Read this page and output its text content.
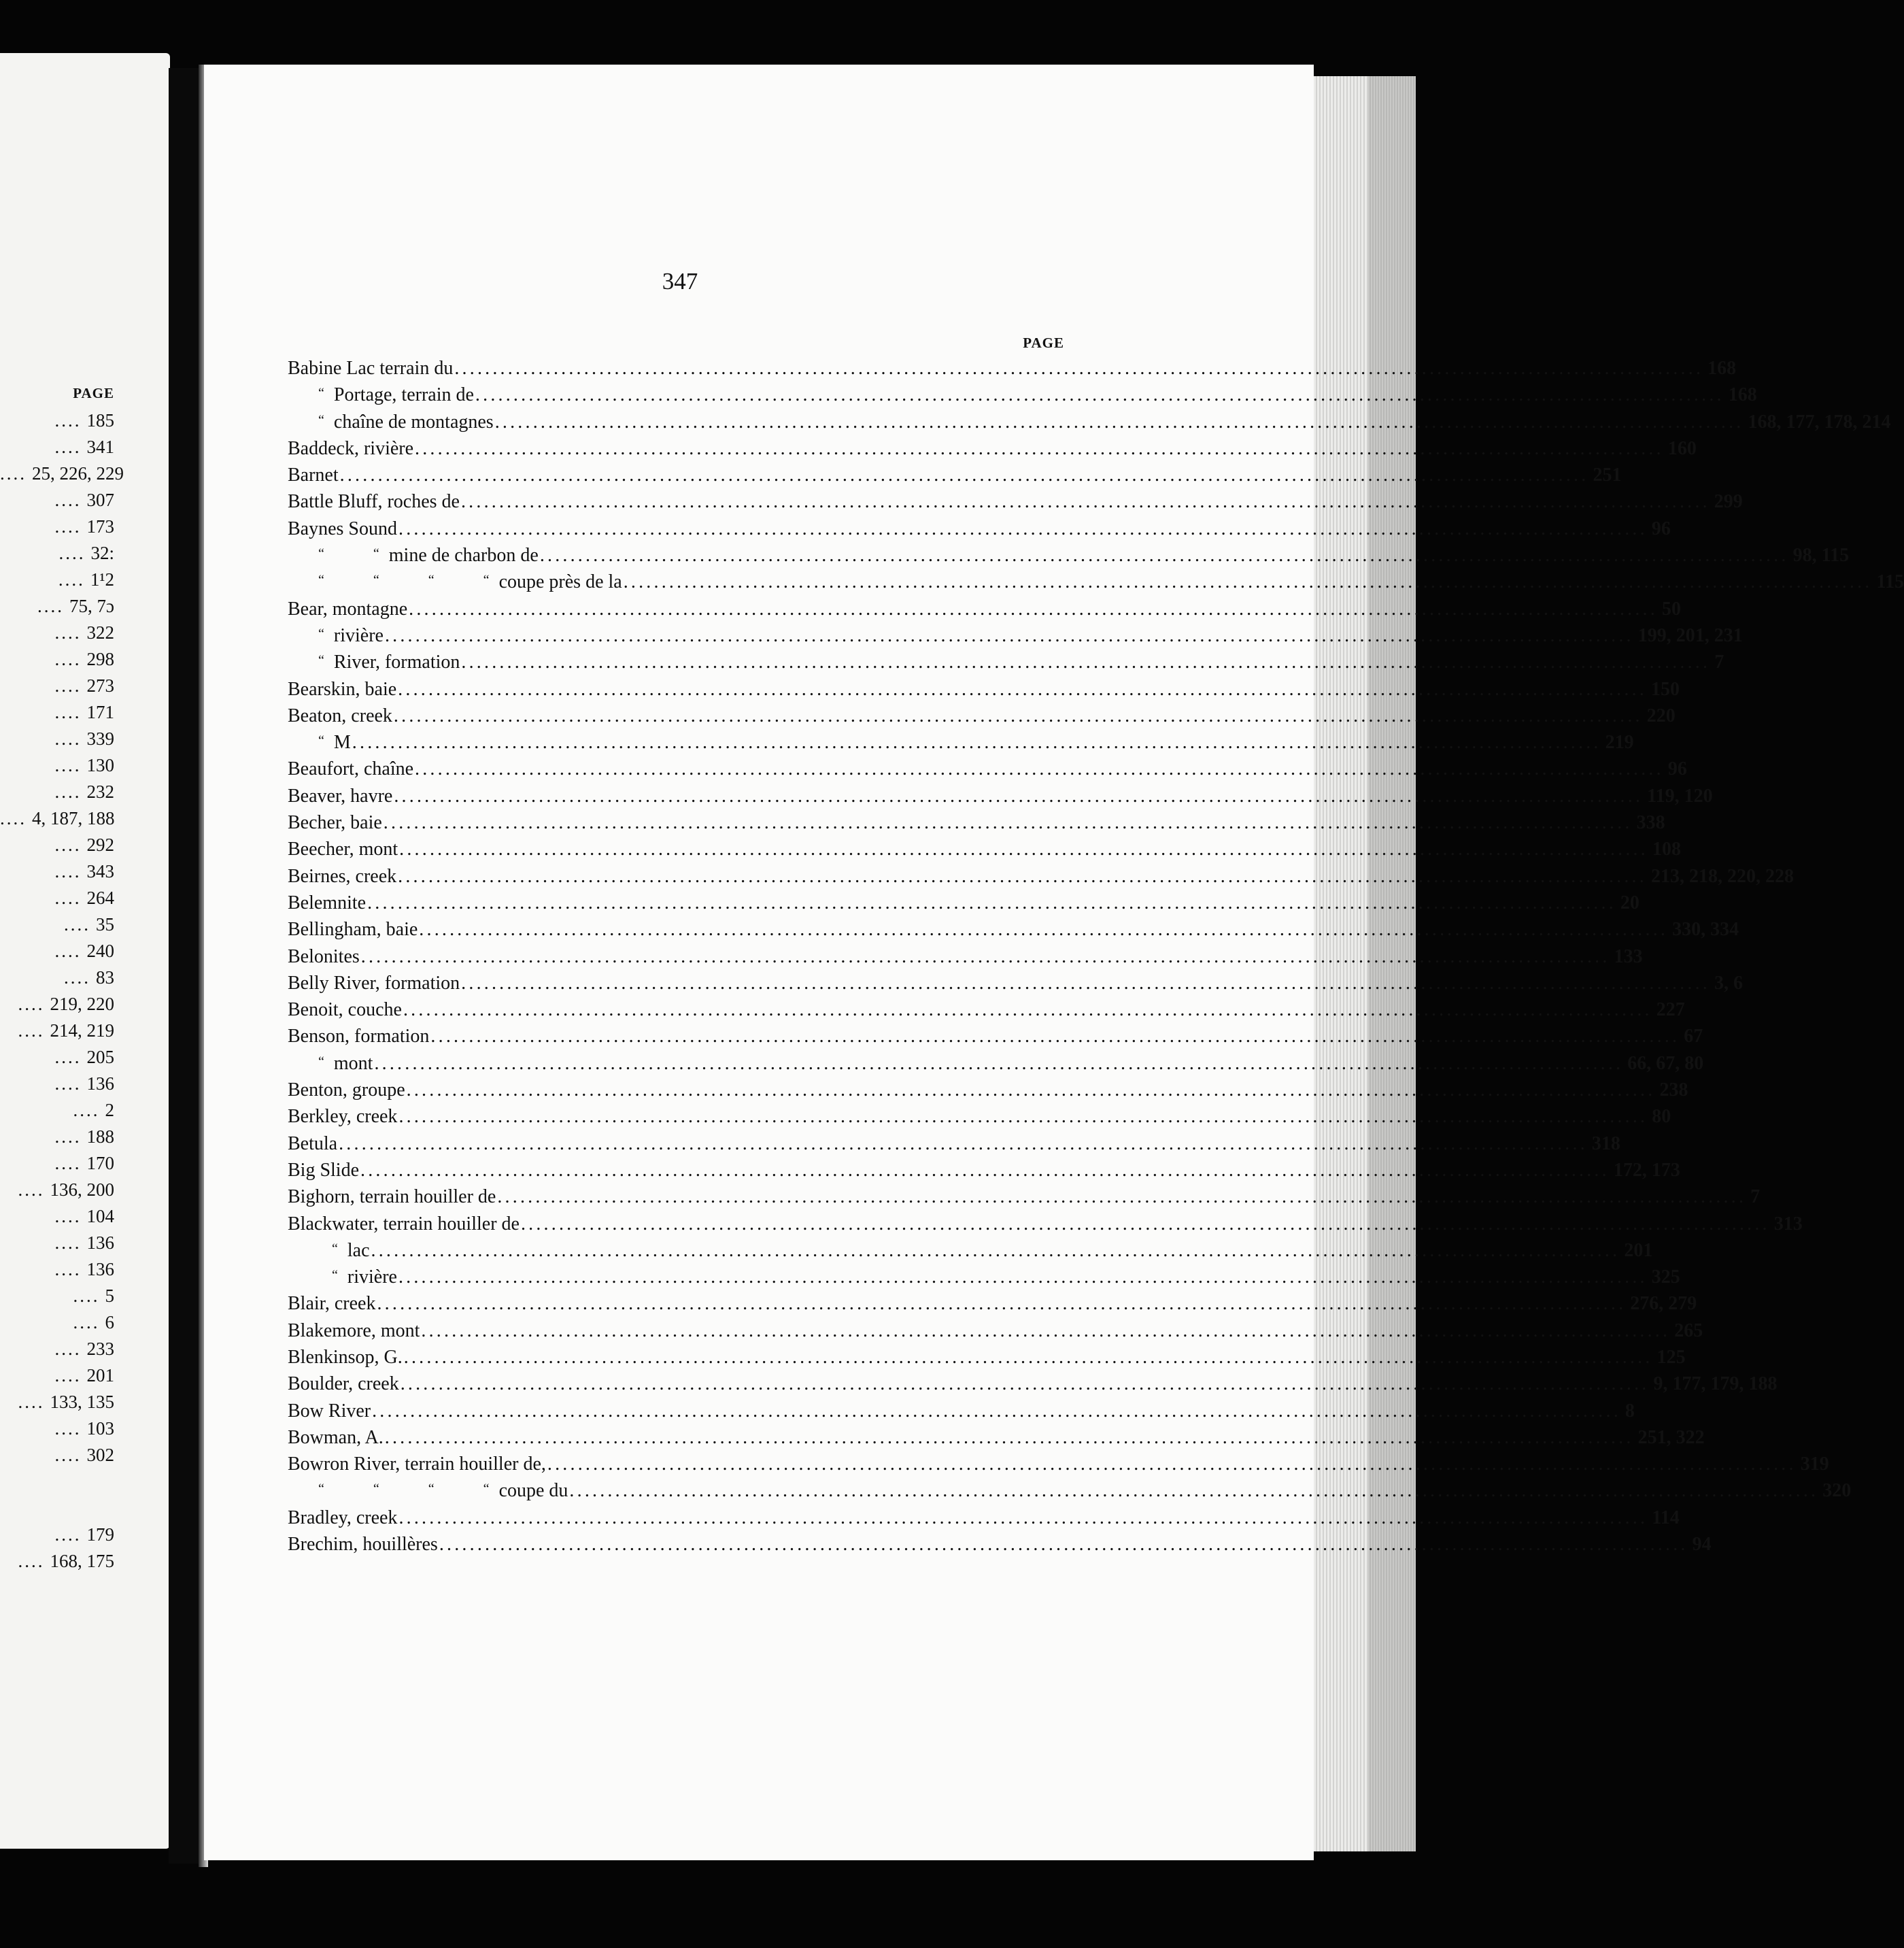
PAGE
.... 185
.... 341
.... 25, 226, 229
.... 307
.... 173
.... 32:
.... 1¹2
.... 75, 7ɔ
.... 322
.... 298
.... 273
.... 171
.... 339
.... 130
.... 232
.... 4, 187, 188
.... 292
.... 343
.... 264
.... 35
.... 240
.... 83
.... 219, 220
.... 214, 219
.... 205
.... 136
.... 2
.... 188
.... 170
.... 136, 200
.... 104
.... 136
.... 136
.... 5
.... 6
.... 233
.... 201
.... 133, 135
.... 103
.... 302
.... 179
.... 168, 175
347
PAGE
Babine Lac terrain du .....	168
“ Portage, terrain de .....	168
“ chaîne de montagnes .....	168, 177, 178, 214
Baddeck, rivière .....	160
Barnet .....	251
Battle Bluff, roches de .....	299
Baynes Sound .....	96
“	“ mine de charbon de .....	98, 115
“	“	“	“ coupe près de la .....	115
Bear, montagne .....	50
“ rivière .....	199, 201, 231
“ River, formation .....	7
Bearskin, baie .....	150
Beaton, creek .....	220
“ M .....	219
Beaufort, chaîne .....	96
Beaver, havre .....	119, 120
Becher, baie .....	338
Beecher, mont .....	108
Beirnes, creek .....	213, 218, 220, 228
Belemnite .....	20
Bellingham, baie .....	330, 334
Belonites .....	133
Belly River, formation .....	3, 6
Benoit, couche .....	227
Benson, formation .....	67
“ mont .....	66, 67, 80
Benton, groupe .....	238
Berkley, creek .....	80
Betula .....	318
Big Slide .....	172, 173
Bighorn, terrain houiller de .....	7
Blackwater, terrain houiller de .....	313
“ lac .....	201
“ rivière .....	325
Blair, creek .....	276, 279
Blakemore, mont .....	265
Blenkinsop, G. .....	125
Boulder, creek .....	9, 177, 179, 188
Bow River .....	8
Bowman, A. .....	251, 322
Bowron River, terrain houiller de, .....	319
“	“	“	“ coupe du .....	320
Bradley, creek .....	114
Brechim, houillères .....	94
